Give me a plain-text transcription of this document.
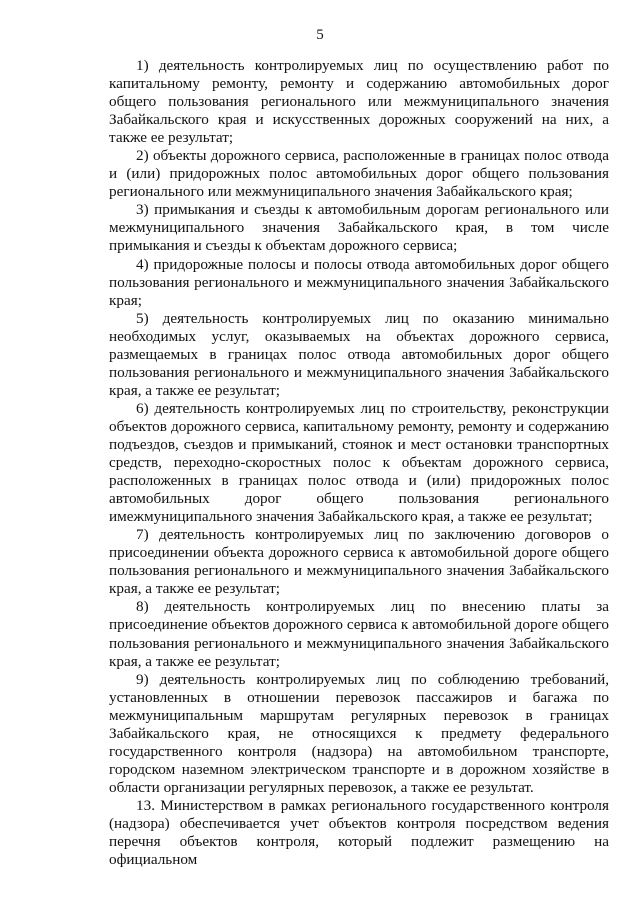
5

1) деятельность контролируемых лиц по осуществлению работ по капитальному ремонту, ремонту и содержанию автомобильных дорог общего пользования регионального или межмуниципального значения Забайкальского края и искусственных дорожных сооружений на них, а также ее результат;

2) объекты дорожного сервиса, расположенные в границах полос отвода и (или) придорожных полос автомобильных дорог общего пользования регионального или межмуниципального значения Забайкальского края;

3) примыкания и съезды к автомобильным дорогам регионального или межмуниципального значения Забайкальского края, в том числе примыкания и съезды к объектам дорожного сервиса;

4) придорожные полосы и полосы отвода автомобильных дорог общего пользования регионального и межмуниципального значения Забайкальского края;

5) деятельность контролируемых лиц по оказанию минимально необходимых услуг, оказываемых на объектах дорожного сервиса, размещаемых в границах полос отвода автомобильных дорог общего пользования регионального и межмуниципального значения Забайкальского края, а также ее результат;

6) деятельность контролируемых лиц по строительству, реконструкции объектов дорожного сервиса, капитальному ремонту, ремонту и содержанию подъездов, съездов и примыканий, стоянок и мест остановки транспортных средств, переходно-скоростных полос к объектам дорожного сервиса, расположенных в границах полос отвода и (или) придорожных полос автомобильных дорог общего пользования регионального имежмуниципального значения Забайкальского края, а также ее результат;

7) деятельность контролируемых лиц по заключению договоров о присоединении объекта дорожного сервиса к автомобильной дороге общего пользования регионального и межмуниципального значения Забайкальского края, а также ее результат;

8) деятельность контролируемых лиц по внесению платы за присоединение объектов дорожного сервиса к автомобильной дороге общего пользования регионального и межмуниципального значения Забайкальского края, а также ее результат;

9) деятельность контролируемых лиц по соблюдению требований, установленных в отношении перевозок пассажиров и багажа по межмуниципальным маршрутам регулярных перевозок в границах Забайкальского края, не относящихся к предмету федерального государственного контроля (надзора) на автомобильном транспорте, городском наземном электрическом транспорте и в дорожном хозяйстве в области организации регулярных перевозок, а также ее результат.

13. Министерством в рамках регионального государственного контроля (надзора) обеспечивается учет объектов контроля посредством ведения перечня объектов контроля, который подлежит размещению на официальном
